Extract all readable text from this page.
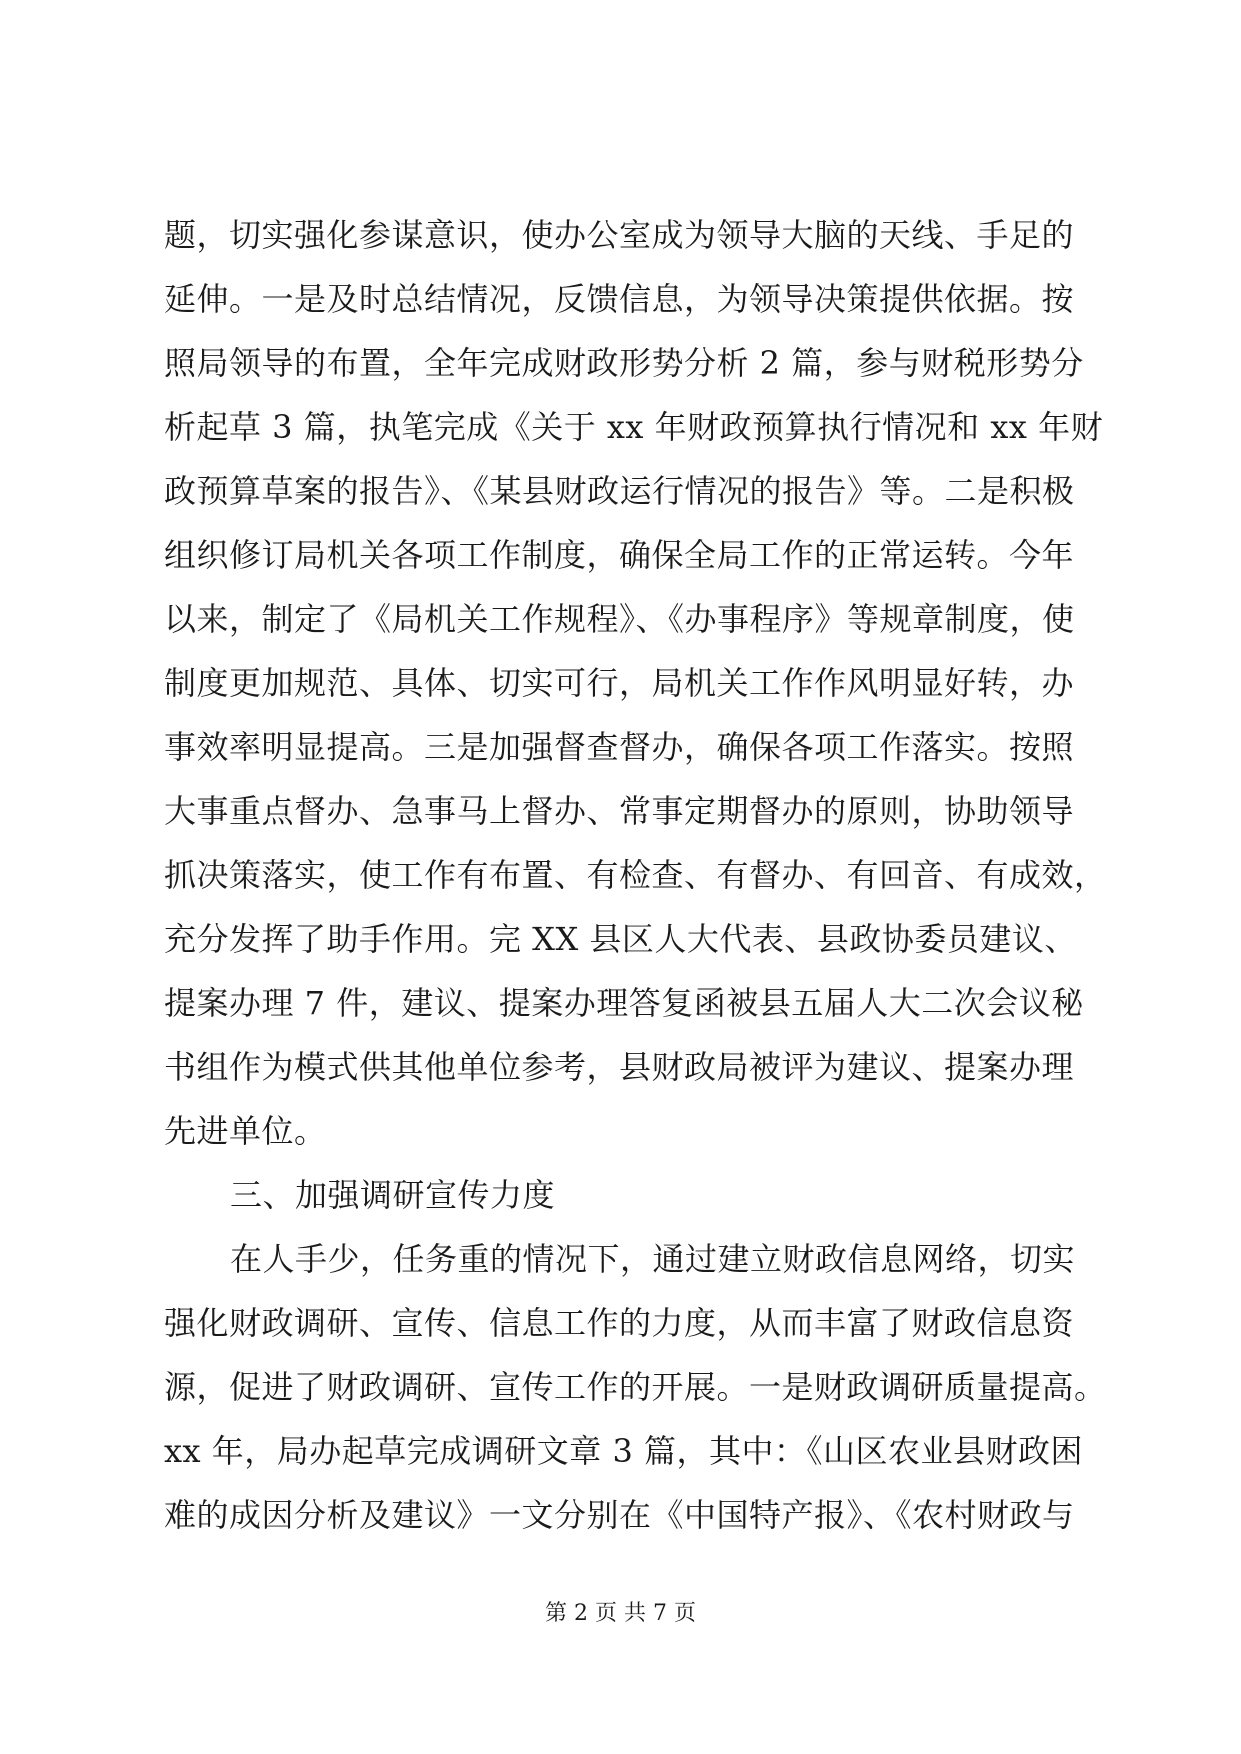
题，切实强化参谋意识，使办公室成为领导大脑的天线、手足的
延伸。一是及时总结情况，反馈信息，为领导决策提供依据。按
照局领导的布置，全年完成财政形势分析 2 篇，参与财税形势分
析起草 3 篇，执笔完成《关于 xx 年财政预算执行情况和 xx 年财
政预算草案的报告》、《某县财政运行情况的报告》等。二是积极
组织修订局机关各项工作制度，确保全局工作的正常运转。今年
以来，制定了《局机关工作规程》、《办事程序》等规章制度，使
制度更加规范、具体、切实可行，局机关工作作风明显好转，办
事效率明显提高。三是加强督查督办，确保各项工作落实。按照
大事重点督办、急事马上督办、常事定期督办的原则，协助领导
抓决策落实，使工作有布置、有检查、有督办、有回音、有成效，
充分发挥了助手作用。完 XX 县区人大代表、县政协委员建议、
提案办理 7 件，建议、提案办理答复函被县五届人大二次会议秘
书组作为模式供其他单位参考，县财政局被评为建议、提案办理
先进单位。
三、加强调研宣传力度
在人手少，任务重的情况下，通过建立财政信息网络，切实
强化财政调研、宣传、信息工作的力度，从而丰富了财政信息资
源，促进了财政调研、宣传工作的开展。一是财政调研质量提高。
xx 年，局办起草完成调研文章 3 篇，其中：《山区农业县财政困
难的成因分析及建议》一文分别在《中国特产报》、《农村财政与
第 2 页 共 7 页
